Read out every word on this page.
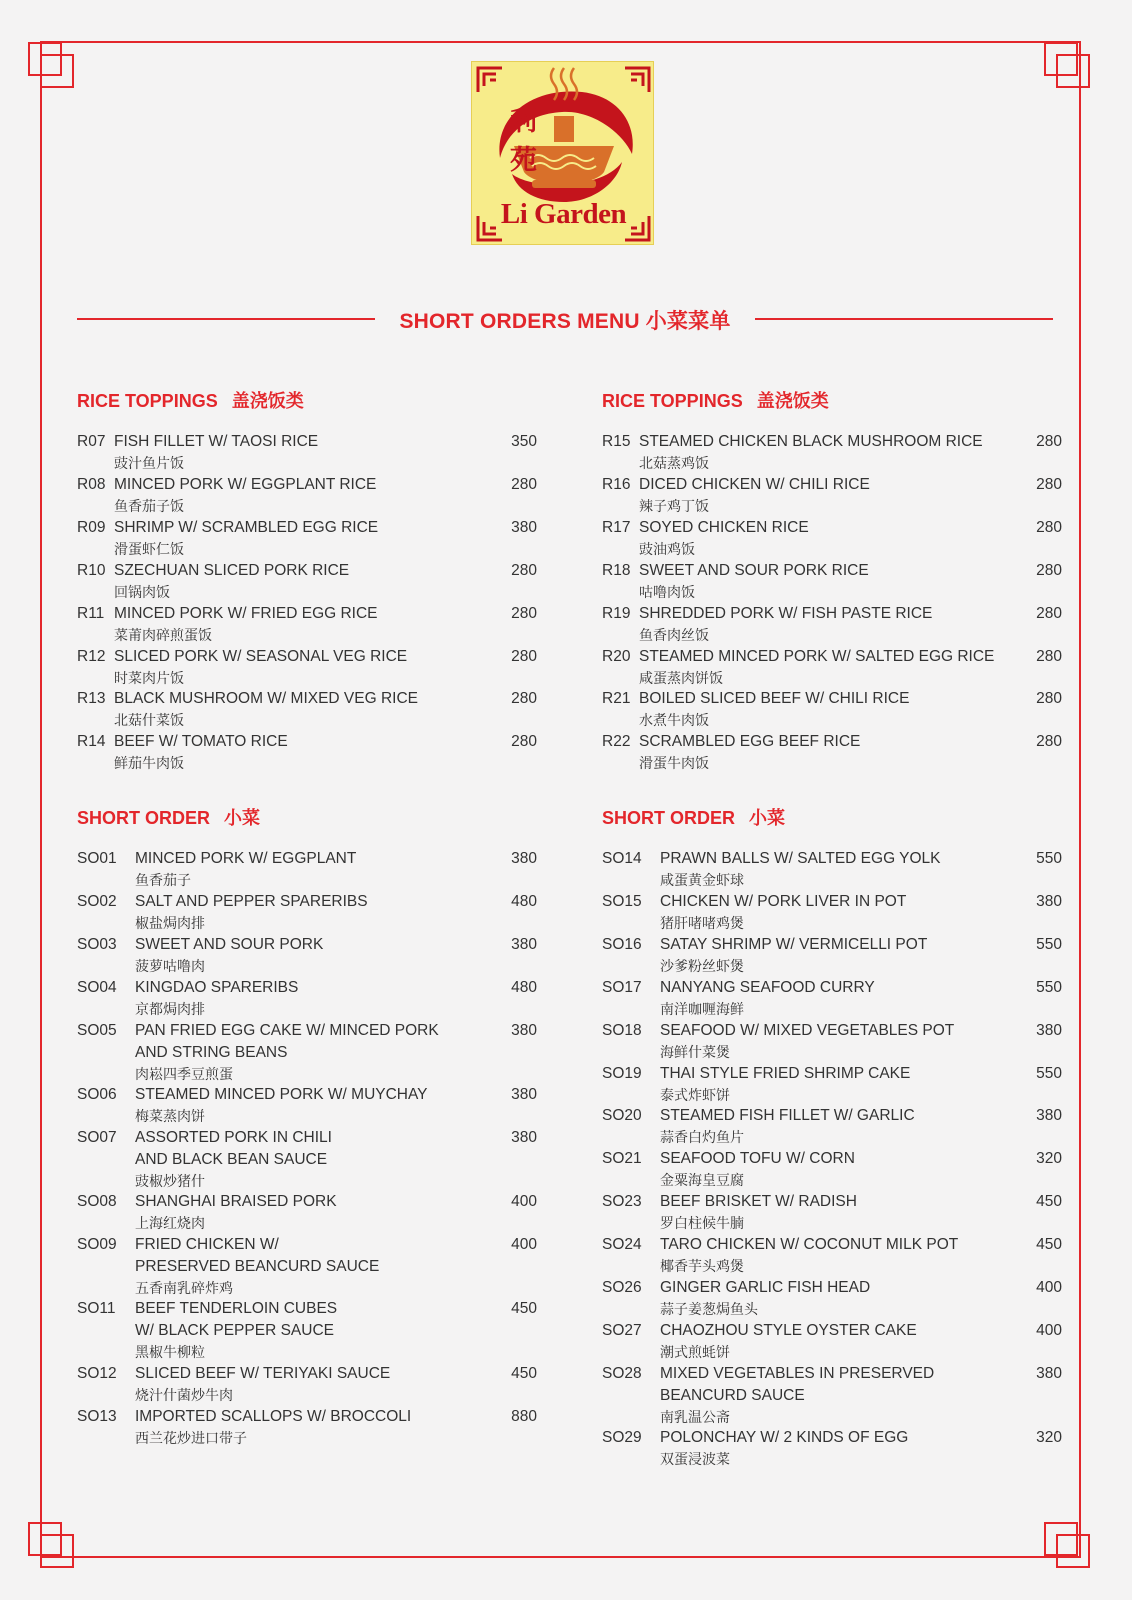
利苑
Li Garden
SHORT ORDERS MENU 小菜菜单
RICE TOPPINGS 盖浇饭类
R07 FISH FILLET W/ TAOSI RICE
豉汁鱼片饭
350
R08 MINCED PORK W/ EGGPLANT RICE
鱼香茄子饭
280
R09 SHRIMP W/ SCRAMBLED EGG RICE
滑蛋虾仁饭
380
R10 SZECHUAN SLICED PORK RICE
回锅肉饭
280
R11 MINCED PORK W/ FRIED EGG RICE
菜莆肉碎煎蛋饭
280
R12 SLICED PORK W/ SEASONAL VEG RICE
时菜肉片饭
280
R13 BLACK MUSHROOM W/ MIXED VEG RICE
北菇什菜饭
280
R14 BEEF W/ TOMATO RICE
鲜茄牛肉饭
280
RICE TOPPINGS 盖浇饭类
R15 STEAMED CHICKEN BLACK MUSHROOM RICE
北菇蒸鸡饭
280
R16 DICED CHICKEN W/ CHILI RICE
辣子鸡丁饭
280
R17 SOYED CHICKEN RICE
豉油鸡饭
280
R18 SWEET AND SOUR PORK RICE
咕噜肉饭
280
R19 SHREDDED PORK W/ FISH PASTE RICE
鱼香肉丝饭
280
R20 STEAMED MINCED PORK W/ SALTED EGG RICE
咸蛋蒸肉饼饭
280
R21 BOILED SLICED BEEF W/ CHILI RICE
水煮牛肉饭
280
R22 SCRAMBLED EGG BEEF RICE
滑蛋牛肉饭
280
SHORT ORDER 小菜
SO01 MINCED PORK W/ EGGPLANT
鱼香茄子
380
SO02 SALT AND PEPPER SPARERIBS
椒盐焗肉排
480
SO03 SWEET AND SOUR PORK
菠萝咕噜肉
380
SO04 KINGDAO SPARERIBS
京都焗肉排
480
SO05 PAN FRIED EGG CAKE W/ MINCED PORK
AND STRING BEANS
肉崧四季豆煎蛋
380
SO06 STEAMED MINCED PORK W/ MUYCHAY
梅菜蒸肉饼
380
SO07 ASSORTED PORK IN CHILI
AND BLACK BEAN SAUCE
豉椒炒猪什
380
SO08 SHANGHAI BRAISED PORK
上海红烧肉
400
SO09 FRIED CHICKEN W/
PRESERVED BEANCURD SAUCE
五香南乳碎炸鸡
400
SO11 BEEF TENDERLOIN CUBES
W/ BLACK PEPPER SAUCE
黑椒牛柳粒
450
SO12 SLICED BEEF W/ TERIYAKI SAUCE
烧汁什菌炒牛肉
450
SO13 IMPORTED SCALLOPS W/ BROCCOLI
西兰花炒进口带子
880
SHORT ORDER 小菜
SO14 PRAWN BALLS W/ SALTED EGG YOLK
咸蛋黄金虾球
550
SO15 CHICKEN W/ PORK LIVER IN POT
猪肝啫啫鸡煲
380
SO16 SATAY SHRIMP W/ VERMICELLI POT
沙爹粉丝虾煲
550
SO17 NANYANG SEAFOOD CURRY
南洋咖喱海鲜
550
SO18 SEAFOOD W/ MIXED VEGETABLES POT
海鲜什菜煲
380
SO19 THAI STYLE FRIED SHRIMP CAKE
泰式炸虾饼
550
SO20 STEAMED FISH FILLET W/ GARLIC
蒜香白灼鱼片
380
SO21 SEAFOOD TOFU W/ CORN
金粟海皇豆腐
320
SO23 BEEF BRISKET W/ RADISH
罗白柱候牛腩
450
SO24 TARO CHICKEN W/ COCONUT MILK POT
椰香芋头鸡煲
450
SO26 GINGER GARLIC FISH HEAD
蒜子姜葱焗鱼头
400
SO27 CHAOZHOU STYLE OYSTER CAKE
潮式煎蚝饼
400
SO28 MIXED VEGETABLES IN PRESERVED
BEANCURD SAUCE
南乳温公斋
380
SO29 POLONCHAY W/ 2 KINDS OF EGG
双蛋浸波菜
320
